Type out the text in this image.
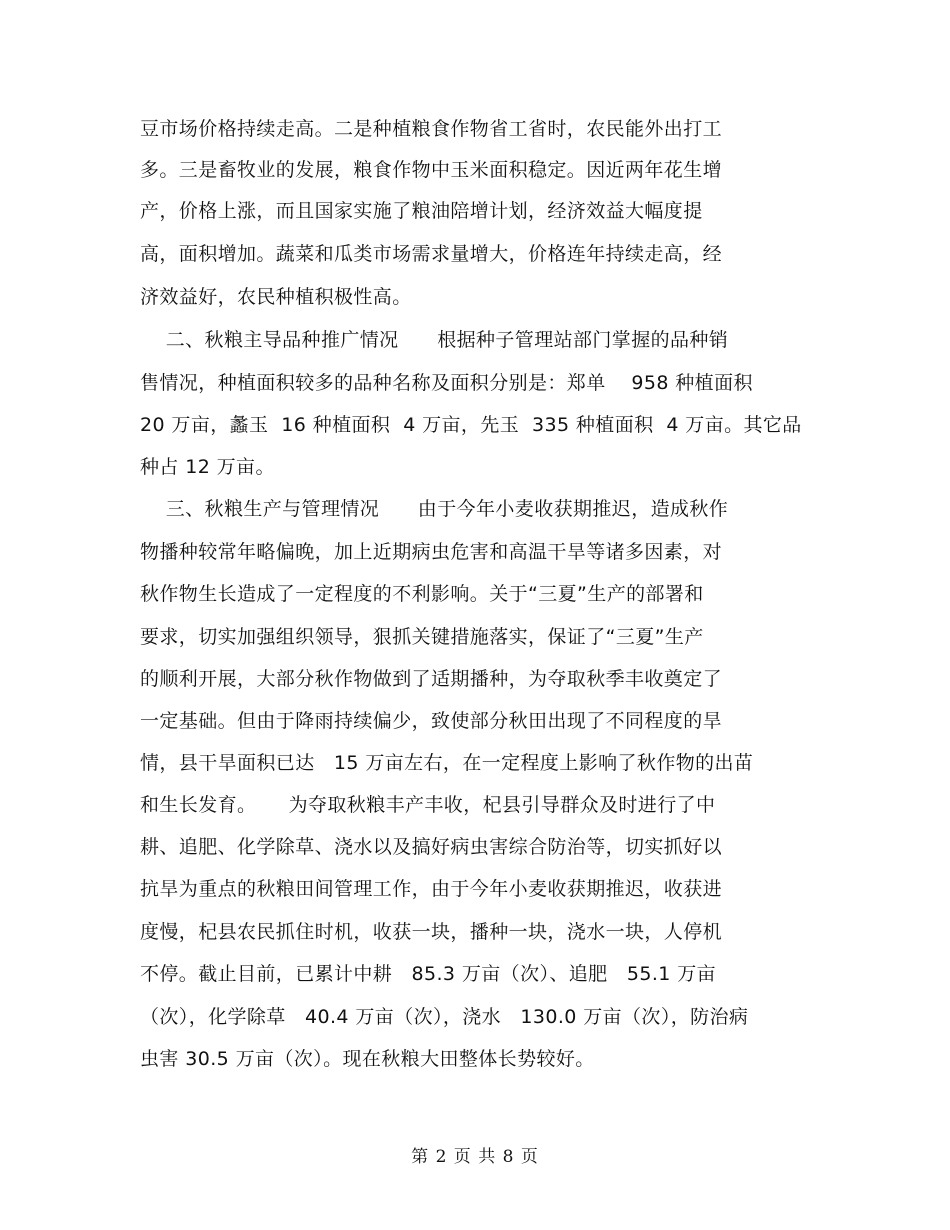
豆市场价格持续走高。二是种植粮食作物省工省时，农民能外出打工
多。三是畜牧业的发展，粮食作物中玉米面积稳定。因近两年花生增
产，价格上涨，而且国家实施了粮油陪增计划，经济效益大幅度提
高，面积增加。蔬菜和瓜类市场需求量增大，价格连年持续走高，经
济效益好，农民种植积极性高。
二、秋粮主导品种推广情况      根据种子管理站部门掌握的品种销
售情况，种植面积较多的品种名称及面积分别是：郑单    958 种植面积
20 万亩，蠡玉  16 种植面积  4 万亩，先玉  335 种植面积  4 万亩。其它品
种占 12 万亩。
三、秋粮生产与管理情况      由于今年小麦收获期推迟，造成秋作
物播种较常年略偏晚，加上近期病虫危害和高温干旱等诸多因素，对
秋作物生长造成了一定程度的不利影响。关于“三夏”生产的部署和
要求，切实加强组织领导，狠抓关键措施落实，保证了“三夏”生产
的顺利开展，大部分秋作物做到了适期播种，为夺取秋季丰收奠定了
一定基础。但由于降雨持续偏少，致使部分秋田出现了不同程度的旱
情，县干旱面积已达   15 万亩左右，在一定程度上影响了秋作物的出苗
和生长发育。     为夺取秋粮丰产丰收，杞县引导群众及时进行了中
耕、追肥、化学除草、浇水以及搞好病虫害综合防治等，切实抓好以
抗旱为重点的秋粮田间管理工作，由于今年小麦收获期推迟，收获进
度慢，杞县农民抓住时机，收获一块，播种一块，浇水一块，人停机
不停。截止目前，已累计中耕   85.3 万亩（次）、追肥   55.1 万亩
（次），化学除草   40.4 万亩（次），浇水   130.0 万亩（次），防治病
虫害 30.5 万亩（次）。现在秋粮大田整体长势较好。
第 2 页 共 8 页
